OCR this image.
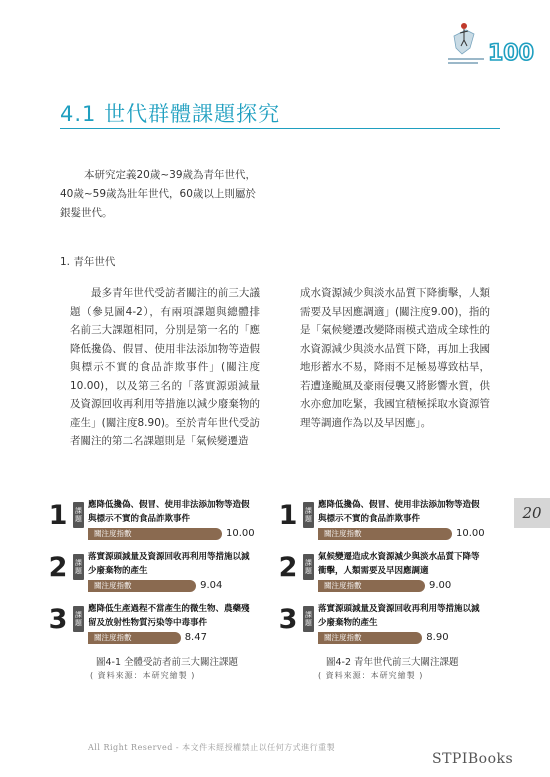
100
4.1 世代群體課題探究
本研究定義20歲~39歲為青年世代，40歲~59歲為壯年世代，60歲以上則屬於銀髮世代。
1. 青年世代
最多青年世代受訪者關注的前三大議題（參見圖4-2），有兩項課題與總體排名前三大課題相同，分別是第一名的「應降低攙偽、假冒、使用非法添加物等造假與標示不實的食品詐欺事件」(關注度10.00)，以及第三名的「落實源頭減量及資源回收再利用等措施以減少廢棄物的產生」(關注度8.90)。至於青年世代受訪者關注的第二名課題則是「氣候變遷造
成水資源減少與淡水品質下降衝擊，人類需要及早因應調適」(關注度9.00)，指的是「氣候變遷改變降雨模式造成全球性的水資源減少與淡水品質下降，再加上我國地形蓄水不易，降雨不足極易導致枯旱，若遭逢颱風及豪雨侵襲又將影響水質，供水亦愈加吃緊，我國宜積極採取水資源管理等調適作為以及早因應」。
20
1	課題
應降低攙偽、假冒、使用非法添加物等造假與標示不實的食品詐欺事件
關注度指數	10.00
2	課題
落實源頭減量及資源回收再利用等措施以減少廢棄物的產生
關注度指數	9.04
3	課題
應降低生產過程不當產生的微生物、農藥殘留及放射性物質污染等中毒事件
關注度指數	8.47
1	課題
應降低攙偽、假冒、使用非法添加物等造假與標示不實的食品詐欺事件
關注度指數	10.00
2	課題
氣候變遷造成水資源減少與淡水品質下降等衝擊，人類需要及早因應調適
關注度指數	9.00
3	課題
落實源頭減量及資源回收再利用等措施以減少廢棄物的產生
關注度指數	8.90
圖4-1 全體受訪者前三大關注課題
( 資料來源：本研究繪製 )
圖4-2 青年世代前三大關注課題
( 資料來源：本研究繪製 )
All Right Reserved - 本文件未經授權禁止以任何方式進行重製
STPIBooks
